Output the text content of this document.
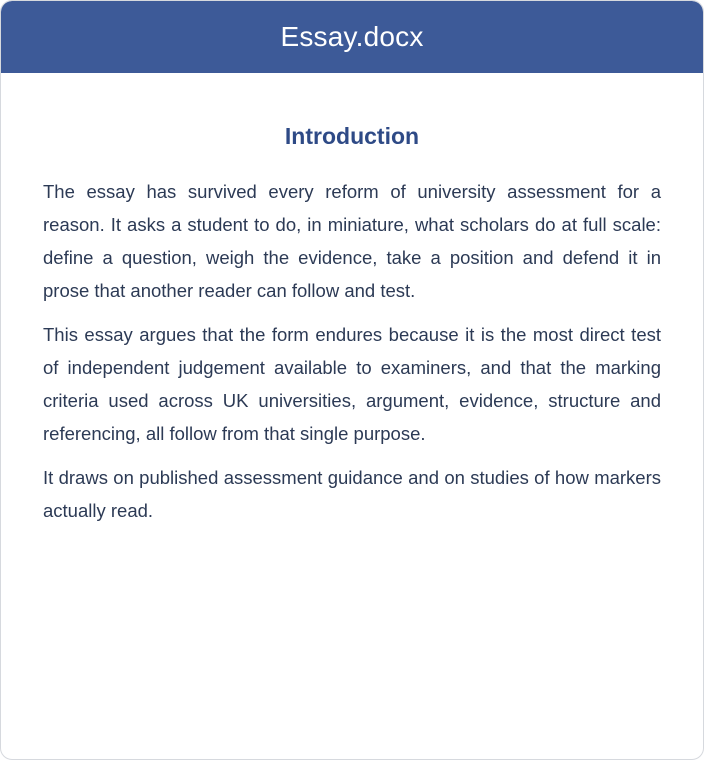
Essay.docx
Introduction

The essay has survived every reform of university assessment for a reason. It asks a student to do, in miniature, what scholars do at full scale: define a question, weigh the evidence, take a position and defend it in prose that another reader can follow and test.

This essay argues that the form endures because it is the most direct test of independent judgement available to examiners, and that the marking criteria used across UK universities, argument, evidence, structure and referencing, all follow from that single purpose.

It draws on published assessment guidance and on studies of how markers actually read.
